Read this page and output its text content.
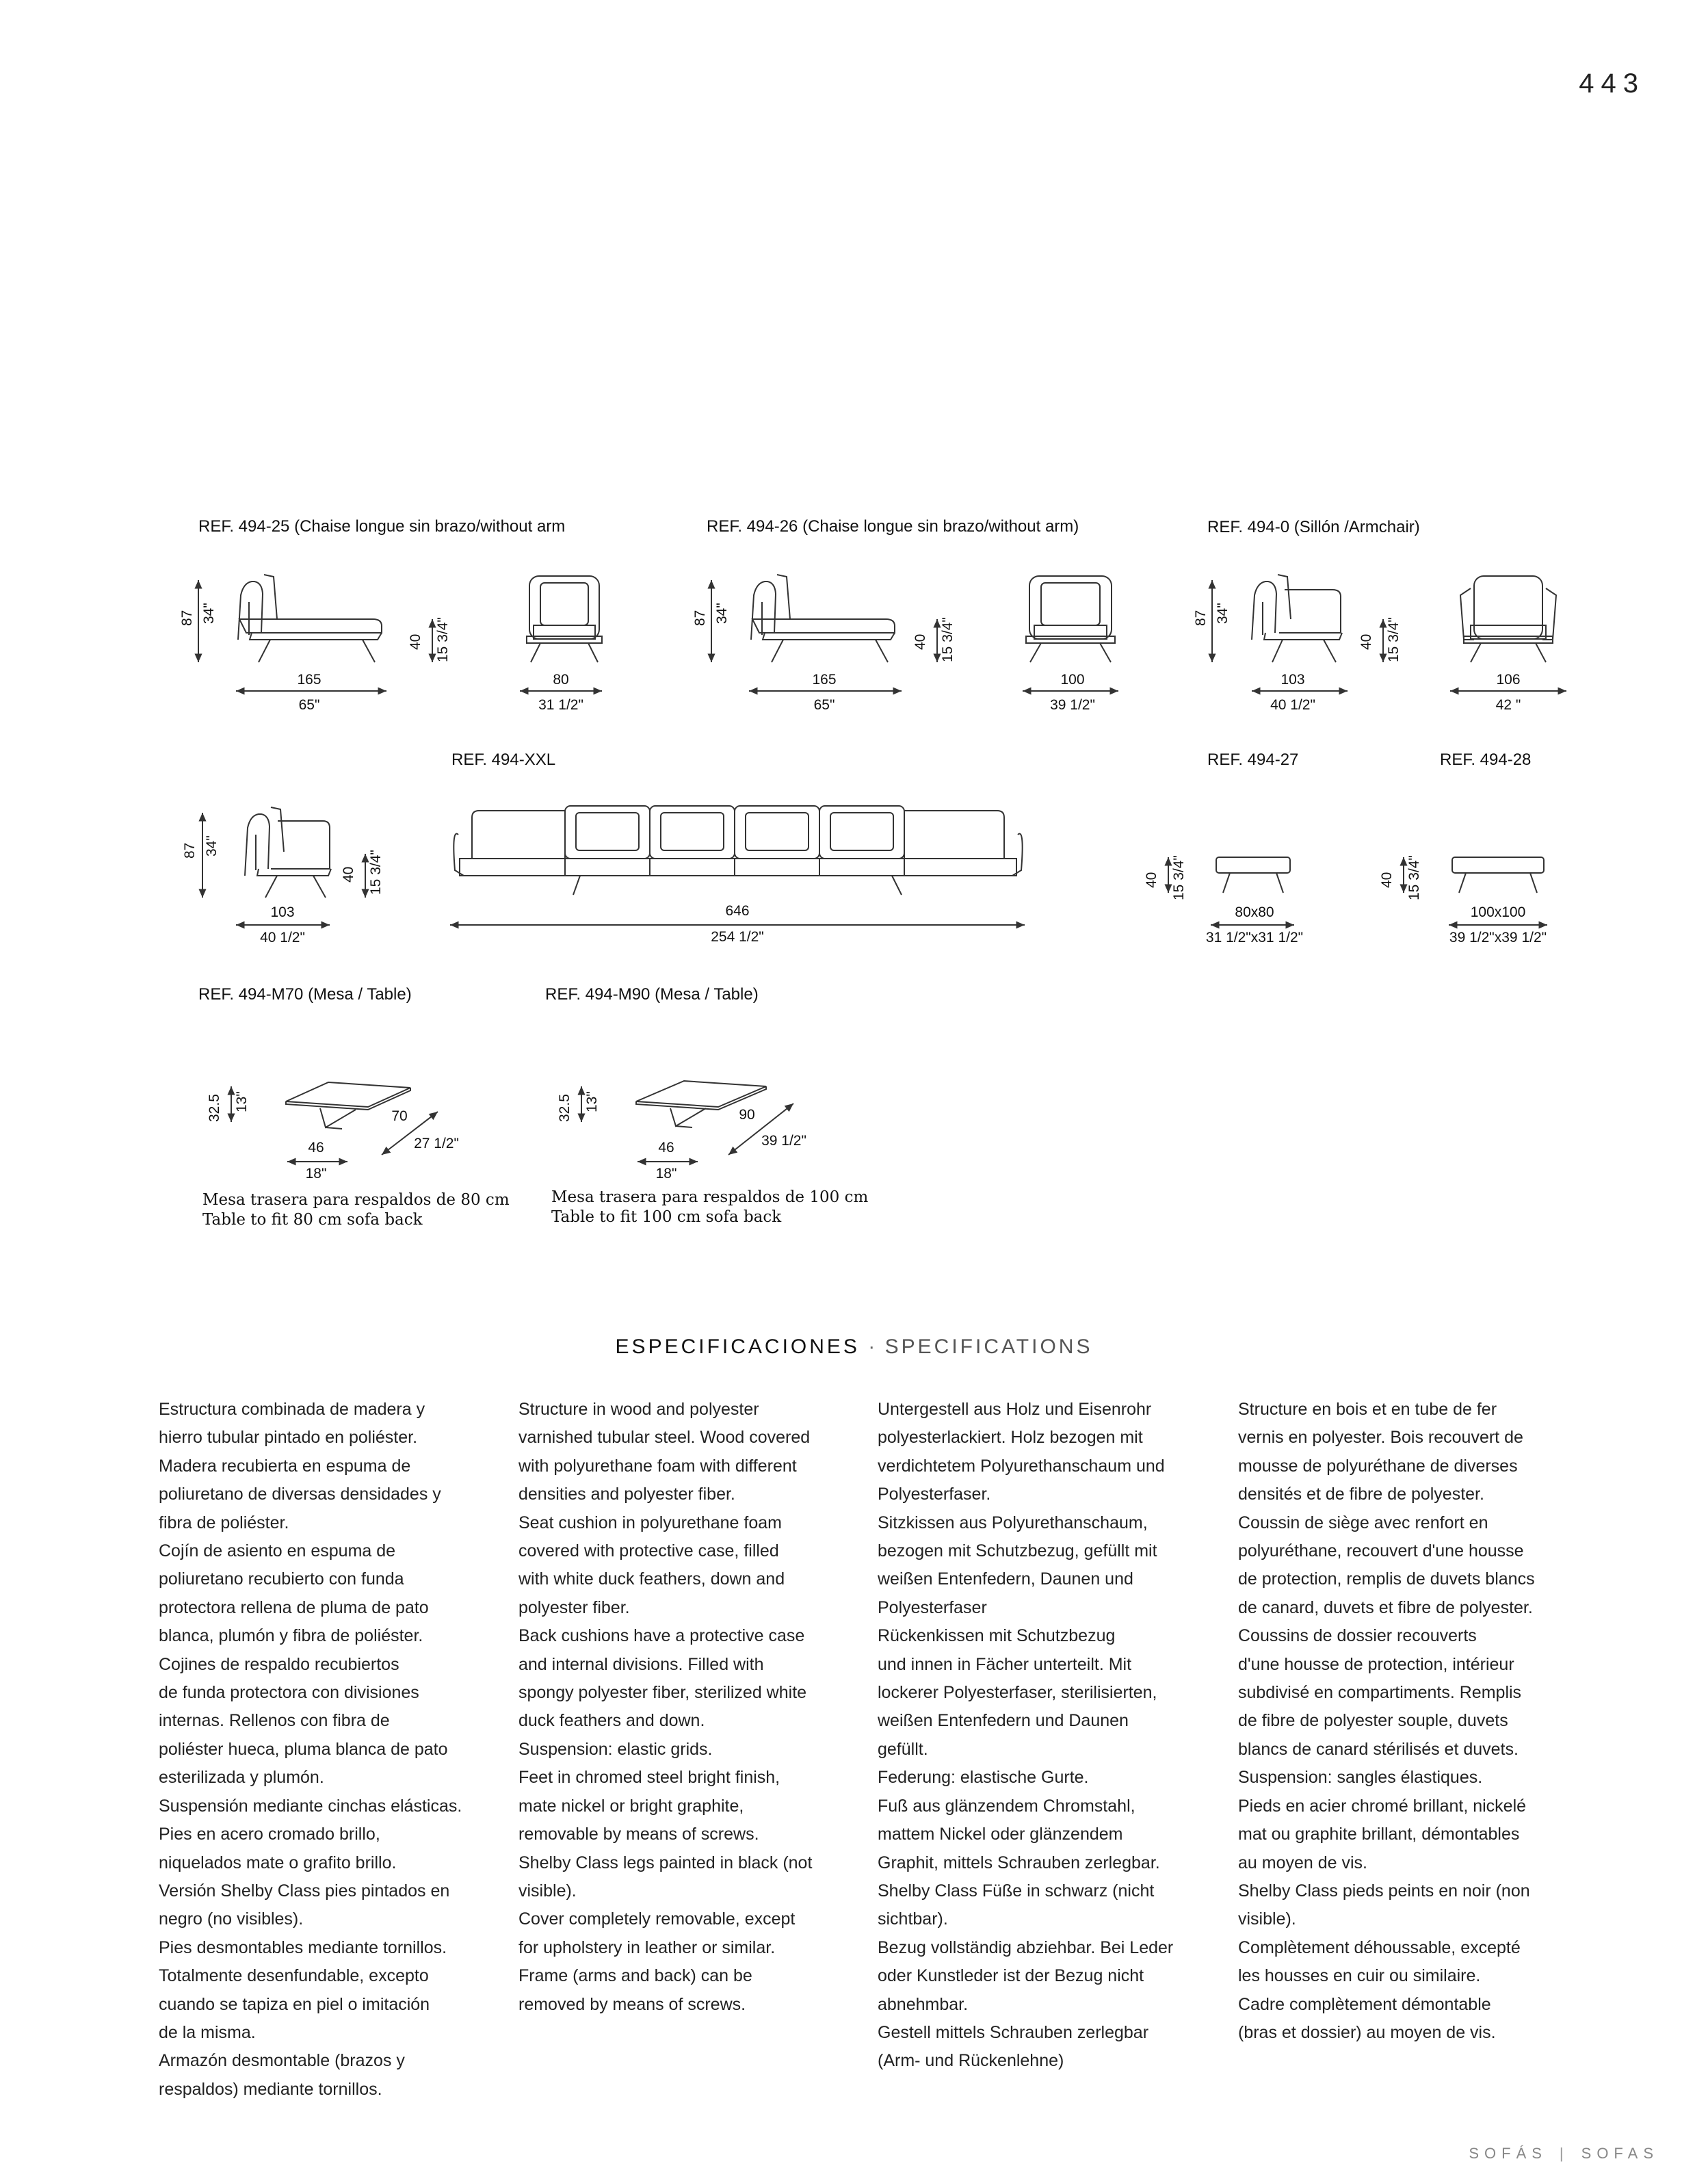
443
REF. 494-25 (Chaise longue sin brazo/without arm	REF. 494-26 (Chaise longue sin brazo/without arm)	REF. 494-0 (Sillón /Armchair)
REF. 494-XXL	REF. 494-27	REF. 494-28
REF. 494-M70 (Mesa / Table)	REF. 494-M90 (Mesa / Table)
87 34"
40 15 3/4"
165
65"
80
31 1/2"
87 34"
40 15 3/4"
165
65"
100
39 1/2"
87 34"
40 15 3/4"
103
40 1/2"
106
42 "
87 34"
40 15 3/4"
103
40 1/2"
646
254 1/2"
40 15 3/4"
80x80
31 1/2"x31 1/2"
40 15 3/4"
100x100
39 1/2"x39 1/2"
32.5 13"
46
18"
70
27 1/2"
32.5 13"
46
18"
90
39 1/2"
Mesa trasera para respaldos de 80 cm
Table to fit 80 cm sofa back
Mesa trasera para respaldos de 100 cm
Table to fit 100 cm sofa back
ESPECIFICACIONES · SPECIFICATIONS

Estructura combinada de madera y

hierro tubular pintado en poliéster.

Madera recubierta en espuma de

poliuretano de diversas densidades y

fibra de poliéster.

Cojín de asiento en espuma de

poliuretano recubierto con funda

protectora rellena de pluma de pato

blanca, plumón y fibra de poliéster.

Cojines de respaldo recubiertos

de funda protectora con divisiones

internas. Rellenos con fibra de

poliéster hueca, pluma blanca de pato

esterilizada y plumón.

Suspensión mediante cinchas elásticas.

Pies en acero cromado brillo,

niquelados mate o grafito brillo.

Versión Shelby Class pies pintados en

negro (no visibles).

Pies desmontables mediante tornillos.

Totalmente desenfundable, excepto

cuando se tapiza en piel o imitación

de la misma.

Armazón desmontable (brazos y

respaldos) mediante tornillos.

Structure in wood and polyester

varnished tubular steel. Wood covered

with polyurethane foam with different

densities and polyester fiber.

Seat cushion in polyurethane foam

covered with protective case, filled

with white duck feathers, down and

polyester fiber.

Back cushions have a protective case

and internal divisions. Filled with

spongy polyester fiber, sterilized white

duck feathers and down.

Suspension: elastic grids.

Feet in chromed steel bright finish,

mate nickel or bright graphite,

removable by means of screws.

Shelby Class legs painted in black (not

visible).

Cover completely removable, except

for upholstery in leather or similar.

Frame (arms and back) can be

removed by means of screws.

Untergestell aus Holz und Eisenrohr

polyesterlackiert. Holz bezogen mit

verdichtetem Polyurethanschaum und

Polyesterfaser.

Sitzkissen aus Polyurethanschaum,

bezogen mit Schutzbezug, gefüllt mit

weißen Entenfedern, Daunen und

Polyesterfaser

Rückenkissen mit Schutzbezug

und innen in Fächer unterteilt. Mit

lockerer Polyesterfaser, sterilisierten,

weißen Entenfedern und Daunen

gefüllt.

Federung: elastische Gurte.

Fuß aus glänzendem Chromstahl,

mattem Nickel oder glänzendem

Graphit, mittels Schrauben zerlegbar.

Shelby Class Füße in schwarz (nicht

sichtbar).

Bezug vollständig abziehbar. Bei Leder

oder Kunstleder ist der Bezug nicht

abnehmbar.

Gestell mittels Schrauben zerlegbar

(Arm- und Rückenlehne)

Structure en bois et en tube de fer

vernis en polyester. Bois recouvert de

mousse de polyuréthane de diverses

densités et de fibre de polyester.

Coussin de siège avec renfort en

polyuréthane, recouvert d'une housse

de protection, remplis de duvets blancs

de canard, duvets et fibre de polyester.

Coussins de dossier recouverts

d'une housse de protection, intérieur

subdivisé en compartiments. Remplis

de fibre de polyester souple, duvets

blancs de canard stérilisés et duvets.

Suspension: sangles élastiques.

Pieds en acier chromé brillant, nickelé

mat ou graphite brillant, démontables

au moyen de vis.

Shelby Class pieds peints en noir (non

visible).

Complètement déhoussable, excepté

les housses en cuir ou similaire.

Cadre complètement démontable

(bras et dossier) au moyen de vis.

SOFÁS | SOFAS
